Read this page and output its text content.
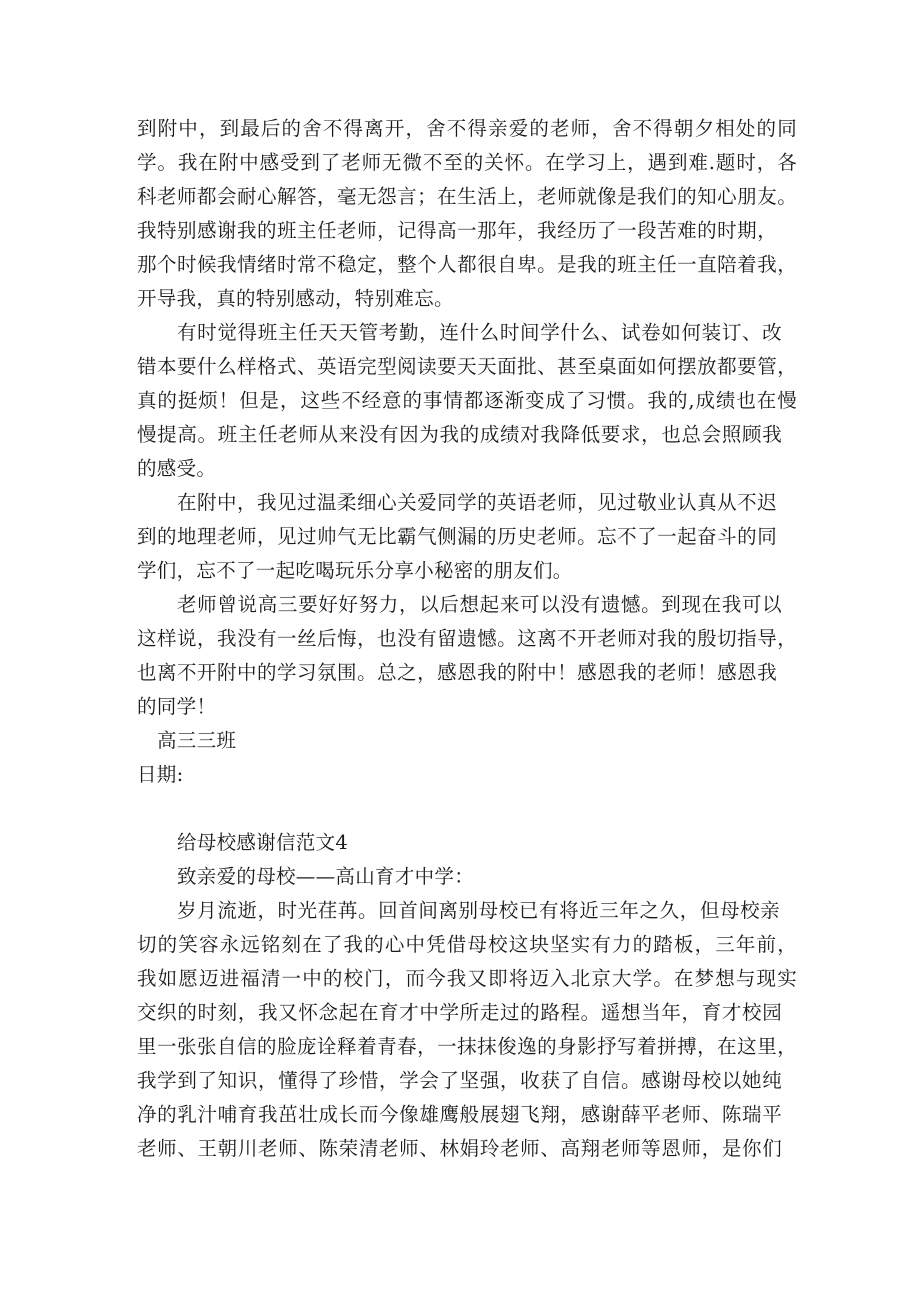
到附中，到最后的舍不得离开，舍不得亲爱的老师，舍不得朝夕相处的同
学。我在附中感受到了老师无微不至的关怀。在学习上，遇到难.题时，各
科老师都会耐心解答，毫无怨言；在生活上，老师就像是我们的知心朋友。
我特别感谢我的班主任老师，记得高一那年，我经历了一段苦难的时期，
那个时候我情绪时常不稳定，整个人都很自卑。是我的班主任一直陪着我，
开导我，真的特别感动，特别难忘。
有时觉得班主任天天管考勤，连什么时间学什么、试卷如何装订、改
错本要什么样格式、英语完型阅读要天天面批、甚至桌面如何摆放都要管，
真的挺烦！但是，这些不经意的事情都逐渐变成了习惯。我的,成绩也在慢
慢提高。班主任老师从来没有因为我的成绩对我降低要求，也总会照顾我
的感受。
在附中，我见过温柔细心关爱同学的英语老师，见过敬业认真从不迟
到的地理老师，见过帅气无比霸气侧漏的历史老师。忘不了一起奋斗的同
学们，忘不了一起吃喝玩乐分享小秘密的朋友们。
老师曾说高三要好好努力，以后想起来可以没有遗憾。到现在我可以
这样说，我没有一丝后悔，也没有留遗憾。这离不开老师对我的殷切指导，
也离不开附中的学习氛围。总之，感恩我的附中！感恩我的老师！感恩我
的同学！
高三三班
日期:
给母校感谢信范文4
致亲爱的母校——高山育才中学：
岁月流逝，时光荏苒。回首间离别母校已有将近三年之久，但母校亲
切的笑容永远铭刻在了我的心中凭借母校这块坚实有力的踏板，三年前，
我如愿迈进福清一中的校门，而今我又即将迈入北京大学。在梦想与现实
交织的时刻，我又怀念起在育才中学所走过的路程。遥想当年，育才校园
里一张张自信的脸庞诠释着青春，一抹抹俊逸的身影抒写着拼搏，在这里，
我学到了知识，懂得了珍惜，学会了坚强，收获了自信。感谢母校以她纯
净的乳汁哺育我茁壮成长而今像雄鹰般展翅飞翔，感谢薛平老师、陈瑞平
老师、王朝川老师、陈荣清老师、林娟玲老师、高翔老师等恩师，是你们
